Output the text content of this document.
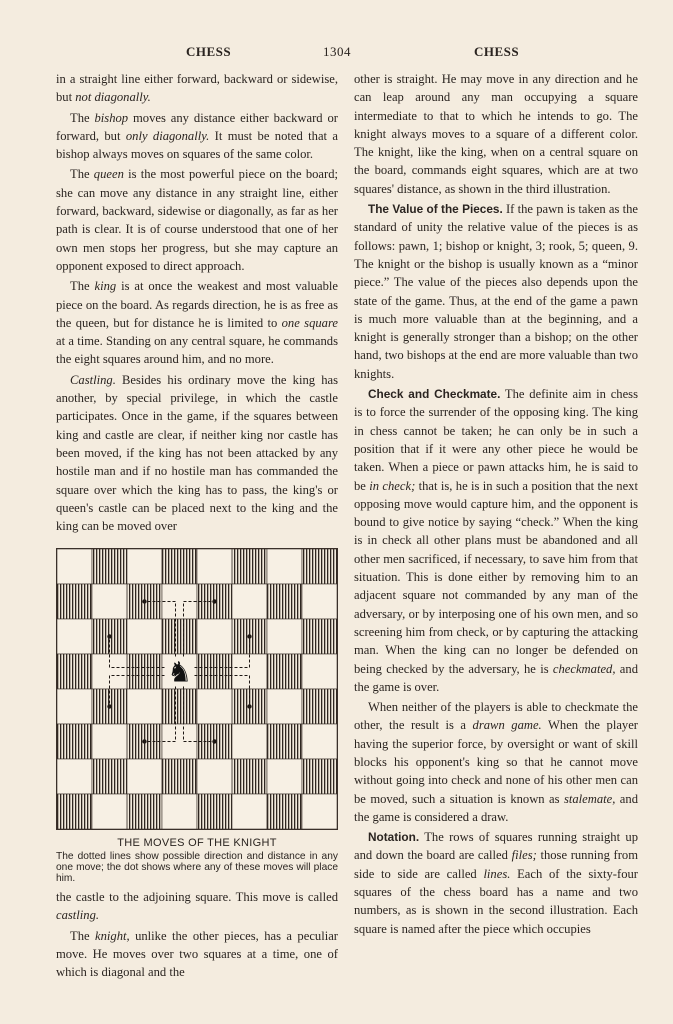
CHESS	1304	CHESS

in a straight line either forward, backward or sidewise, but not diagonally.

The bishop moves any distance either backward or forward, but only diagonally. It must be noted that a bishop always moves on squares of the same color.

The queen is the most powerful piece on the board; she can move any distance in any straight line, either forward, backward, sidewise or diagonally, as far as her path is clear. It is of course understood that one of her own men stops her progress, but she may capture an opponent exposed to direct approach.

The king is at once the weakest and most valuable piece on the board. As regards direction, he is as free as the queen, but for distance he is limited to one square at a time. Standing on any central square, he commands the eight squares around him, and no more.

Castling. Besides his ordinary move the king has another, by special privilege, in which the castle participates. Once in the game, if the squares between king and castle are clear, if neither king nor castle has been moved, if the king has not been attacked by any hostile man and if no hostile man has commanded the square over which the king has to pass, the king's or queen's castle can be placed next to the king and the king can be moved over

♞
THE MOVES OF THE KNIGHT
The dotted lines show possible direction and distance in any one move; the dot shows where any of these moves will place him.

the castle to the adjoining square. This move is called castling.

The knight, unlike the other pieces, has a peculiar move. He moves over two squares at a time, one of which is diagonal and the

other is straight. He may move in any direction and he can leap around any man occupying a square intermediate to that to which he intends to go. The knight always moves to a square of a different color. The knight, like the king, when on a central square on the board, commands eight squares, which are at two squares' distance, as shown in the third illustration.

The Value of the Pieces. If the pawn is taken as the standard of unity the relative value of the pieces is as follows: pawn, 1; bishop or knight, 3; rook, 5; queen, 9. The knight or the bishop is usually known as a “minor piece.” The value of the pieces also depends upon the state of the game. Thus, at the end of the game a pawn is much more valuable than at the beginning, and a knight is generally stronger than a bishop; on the other hand, two bishops at the end are more valuable than two knights.

Check and Checkmate. The definite aim in chess is to force the surrender of the opposing king. The king in chess cannot be taken; he can only be in such a position that if it were any other piece he would be taken. When a piece or pawn attacks him, he is said to be in check; that is, he is in such a position that the next opposing move would capture him, and the opponent is bound to give notice by saying “check.” When the king is in check all other plans must be abandoned and all other men sacrificed, if necessary, to save him from that situation. This is done either by removing him to an adjacent square not commanded by any man of the adversary, or by interposing one of his own men, and so screening him from check, or by capturing the attacking man. When the king can no longer be defended on being checked by the adversary, he is checkmated, and the game is over.

When neither of the players is able to checkmate the other, the result is a drawn game. When the player having the superior force, by oversight or want of skill blocks his opponent's king so that he cannot move without going into check and none of his other men can be moved, such a situation is known as stalemate, and the game is considered a draw.

Notation. The rows of squares running straight up and down the board are called files; those running from side to side are called lines. Each of the sixty-four squares of the chess board has a name and two numbers, as is shown in the second illustration. Each square is named after the piece which occupies
